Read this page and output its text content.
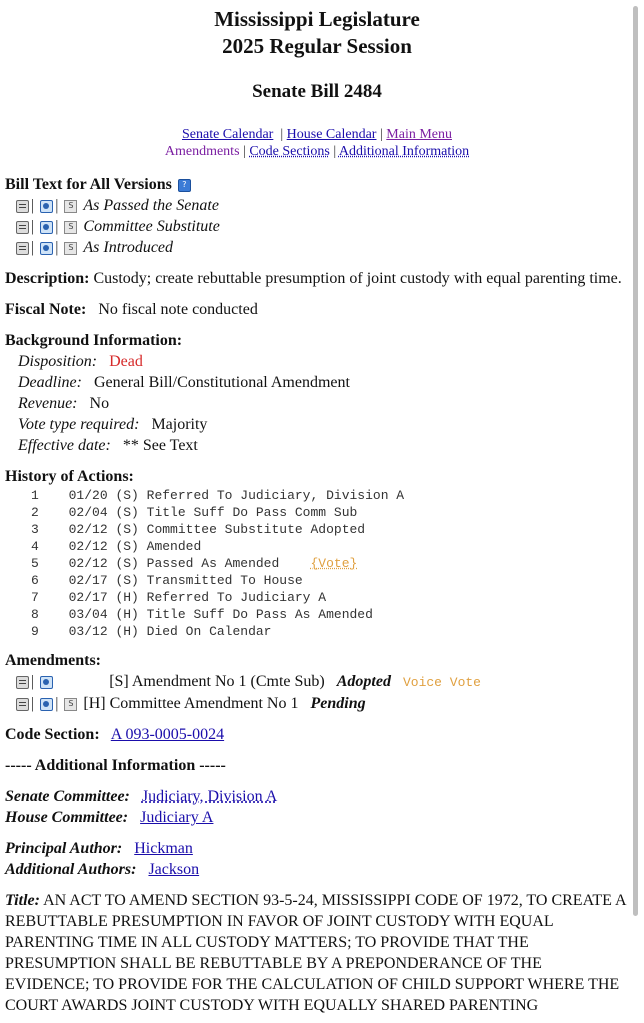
Mississippi Legislature
2025 Regular Session
Senate Bill 2484
Senate Calendar  | House Calendar | Main Menu
Amendments | Code Sections | Additional Information
Bill Text for All Versions ?
| | S As Passed the Senate
| | S Committee Substitute
| | S As Introduced
Description: Custody; create rebuttable presumption of joint custody with equal parenting time.
Fiscal Note: No fiscal note conducted
Background Information:
Disposition: Dead
Deadline: General Bill/Constitutional Amendment
Revenue: No
Vote type required: Majority
Effective date: ** See Text
History of Actions:
1 01/20 (S) Referred To Judiciary, Division A
2 02/04 (S) Title Suff Do Pass Comm Sub
3 02/12 (S) Committee Substitute Adopted
4 02/12 (S) Amended
5 02/12 (S) Passed As Amended {Vote}
6 02/17 (S) Transmitted To House
7 02/17 (H) Referred To Judiciary A
8 03/04 (H) Title Suff Do Pass As Amended
9 03/12 (H) Died On Calendar
Amendments:
|	[S] Amendment No 1 (Cmte Sub) Adopted Voice Vote
| | S [H] Committee Amendment No 1 Pending
Code Section: A 093-0005-0024
----- Additional Information -----
Senate Committee: Judiciary, Division A
House Committee: Judiciary A
Principal Author: Hickman
Additional Authors: Jackson
Title: AN ACT TO AMEND SECTION 93-5-24, MISSISSIPPI CODE OF 1972, TO CREATE A REBUTTABLE PRESUMPTION IN FAVOR OF JOINT CUSTODY WITH EQUAL PARENTING TIME IN ALL CUSTODY MATTERS; TO PROVIDE THAT THE PRESUMPTION SHALL BE REBUTTABLE BY A PREPONDERANCE OF THE EVIDENCE; TO PROVIDE FOR THE CALCULATION OF CHILD SUPPORT WHERE THE COURT AWARDS JOINT CUSTODY WITH EQUALLY SHARED PARENTING
